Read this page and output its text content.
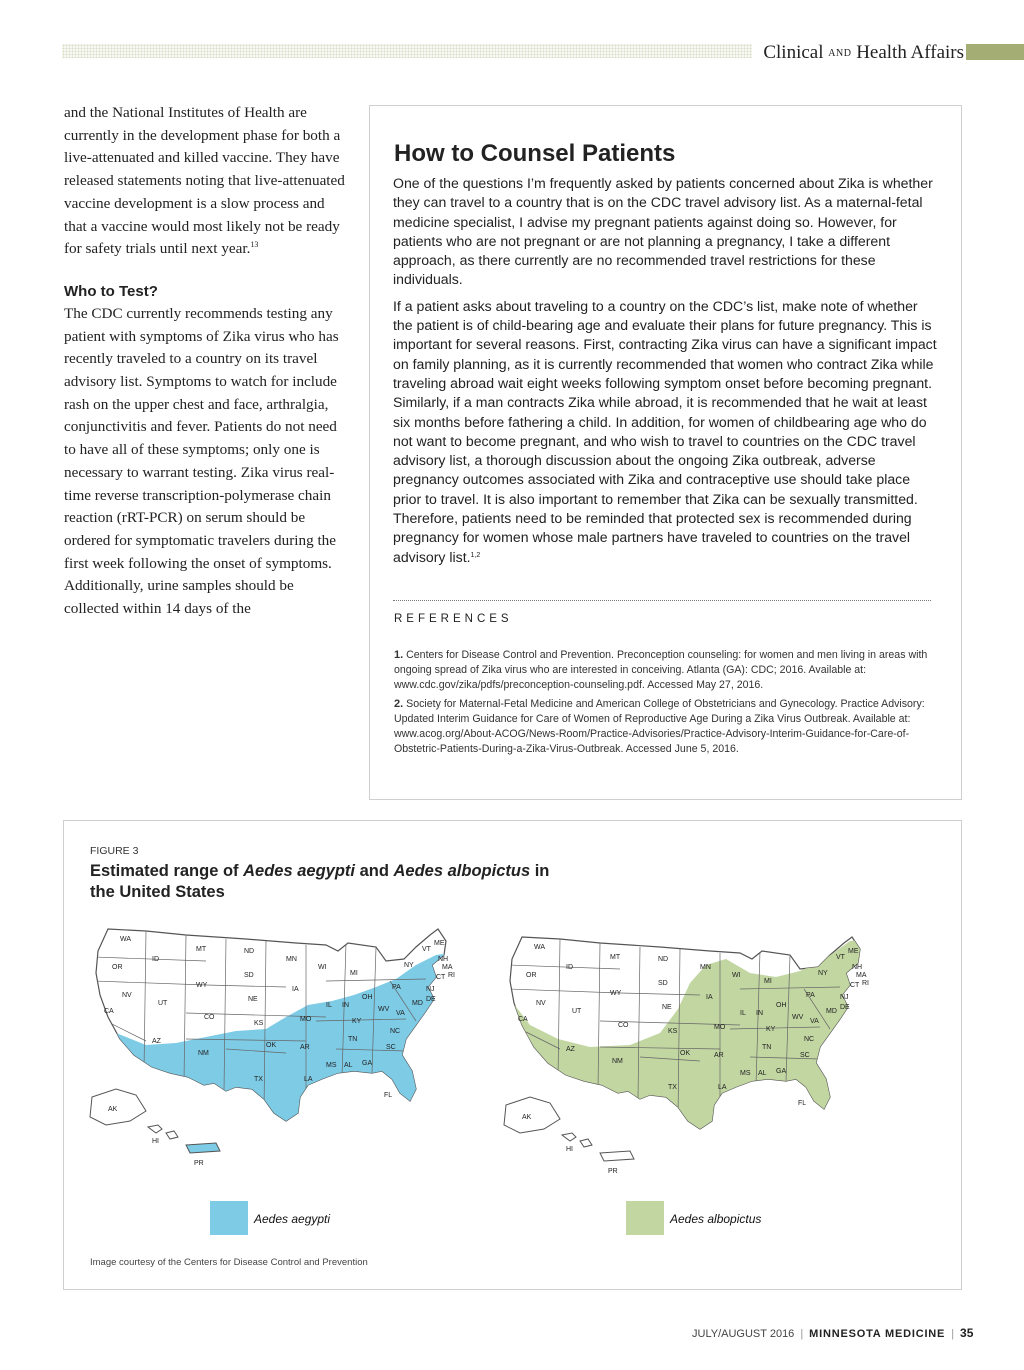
Clinical AND Health Affairs

and the National Institutes of Health are currently in the development phase for both a live-attenuated and killed vaccine. They have released statements noting that live-attenuated vaccine development is a slow process and that a vaccine would most likely not be ready for safety trials until next year.$^{13}$

Who to Test?

The CDC currently recommends testing any patient with symptoms of Zika virus who has recently traveled to a country on its travel advisory list. Symptoms to watch for include rash on the upper chest and face, arthralgia, conjunctivitis and fever. Patients do not need to have all of these symptoms; only one is necessary to warrant testing. Zika virus real-time reverse transcription-polymerase chain reaction (rRT-PCR) on serum should be ordered for symptomatic travelers during the first week following the onset of symptoms. Additionally, urine samples should be collected within 14 days of the

How to Counsel Patients

One of the questions I’m frequently asked by patients concerned about Zika is whether they can travel to a country that is on the CDC travel advisory list. As a maternal-fetal medicine specialist, I advise my pregnant patients against doing so. However, for patients who are not pregnant or are not planning a pregnancy, I take a different approach, as there currently are no recommended travel restrictions for these individuals.

If a patient asks about traveling to a country on the CDC’s list, make note of whether the patient is of child-bearing age and evaluate their plans for future pregnancy. This is important for several reasons. First, contracting Zika virus can have a significant impact on family planning, as it is currently recommended that women who contract Zika while traveling abroad wait eight weeks following symptom onset before becoming pregnant. Similarly, if a man contracts Zika while abroad, it is recommended that he wait at least six months before fathering a child. In addition, for women of childbearing age who do not want to become pregnant, and who wish to travel to countries on the CDC travel advisory list, a thorough discussion about the ongoing Zika outbreak, adverse pregnancy outcomes associated with Zika and contraceptive use should take place prior to travel. It is also important to remember that Zika can be sexually transmitted. Therefore, patients need to be reminded that protected sex is recommended during pregnancy for women whose male partners have traveled to countries on the travel advisory list.$^{1,2}$

REFERENCES

1. Centers for Disease Control and Prevention. Preconception counseling: for women and men living in areas with ongoing spread of Zika virus who are interested in conceiving. Atlanta (GA): CDC; 2016. Available at: www.cdc.gov/zika/pdfs/preconception-counseling.pdf. Accessed May 27, 2016.

2. Society for Maternal-Fetal Medicine and American College of Obstetricians and Gynecology. Practice Advisory: Updated Interim Guidance for Care of Women of Reproductive Age During a Zika Virus Outbreak. Available at: www.acog.org/About-ACOG/News-Room/Practice-Advisories/Practice-Advisory-Interim-Guidance-for-Care-of-Obstetric-Patients-During-a-Zika-Virus-Outbreak. Accessed June 5, 2016.

FIGURE 3
Estimated range of Aedes aegypti and Aedes albopictus in the United States
WA
OR
CA
NV
ID
MT
WY
UT
AZ
CO
NM
ND
SD
NE
KS
OK
TX
MN
IA
MO
AR
LA
WI
IL
MI
IN
OH
KY
TN
MS AL GA
FL
SC
NC
VA
WV
PA
NY
ME
VT
NH
MA
CT RI
NJ
DE
MD
AK
HI
PR
WA
OR
CA
NV
ID
MT
WY
UT
AZ
CO
NM
ND
SD
NE
KS
OK
TX
MN
IA
MO
AR
LA
WI
IL
MI
IN
OH
KY
TN
MS AL GA
FL
SC
NC
VA
WV
PA
NY
ME
VT
NH
MA
CT RI
NJ
DE
MD
AK
HI
PR
Aedes aegypti	Aedes albopictus
Image courtesy of the Centers for Disease Control and Prevention
JULY/AUGUST 2016 | MINNESOTA MEDICINE | 35
